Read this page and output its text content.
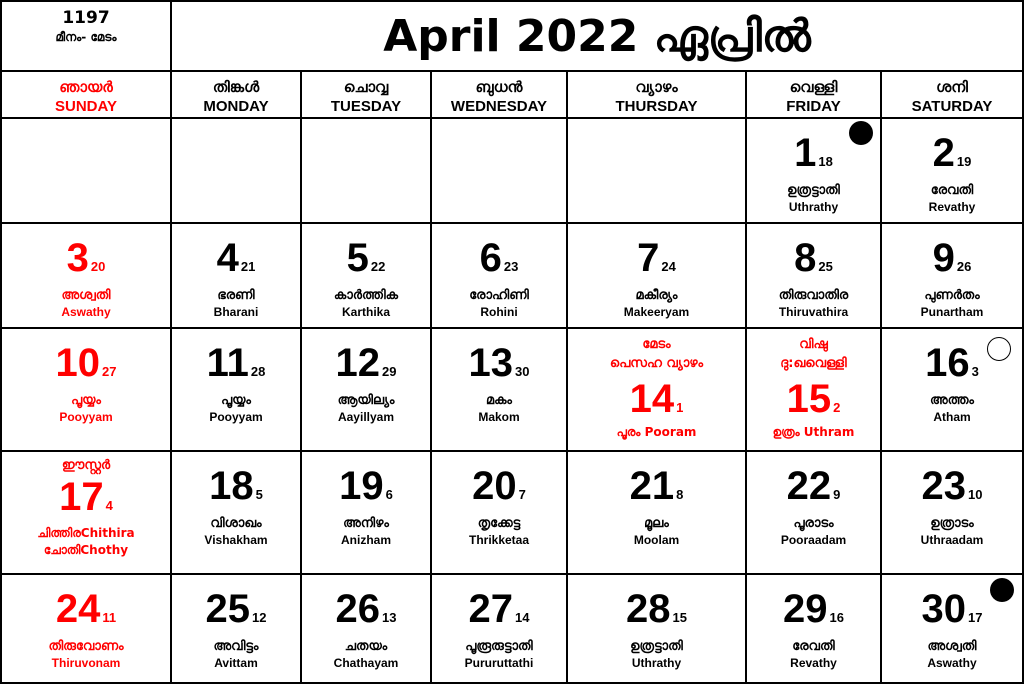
1197
മീനം- മേടം	April 2022 ഏപ്രിൽ
ഞായർ
SUNDAY
തിങ്കൾ
MONDAY
ചൊവ്വ
TUESDAY
ബുധൻ
WEDNESDAY
വ്യാഴം
THURSDAY
വെള്ളി
FRIDAY
ശനി
SATURDAY
1 18
ഉത്രട്ടാതി
Uthrathy
2 19
രേവതി
Revathy
3 20
അശ്വതി
Aswathy
4 21
ഭരണി
Bharani
5 22
കാർത്തിക
Karthika
6 23
രോഹിണി
Rohini
7 24
മകീര്യം
Makeeryam
8 25
തിരുവാതിര
Thiruvathira
9 26
പുണർതം
Punartham
10 27
പൂയ്യം
Pooyyam
11 28
പൂയ്യം
Pooyyam
12 29
ആയില്യം
Aayillyam
13 30
മകം
Makom
മേടം
പെസഹ വ്യാഴം
14 1
പൂരം Pooram
വിഷു
ദു:ഖവെള്ളി
15 2
ഉത്രം Uthram
16 3
അത്തം
Atham
ഈസ്റ്റർ
17 4
ചിത്തിരChithira
ചോതിChothy
18 5
വിശാഖം
Vishakham
19 6
അനിഴം
Anizham
20 7
തൃക്കേട്ട
Thrikketaa
21 8
മൂലം
Moolam
22 9
പൂരാടം
Pooraadam
23 10
ഉത്രാടം
Uthraadam
24 11
തിരുവോണം
Thiruvonam
25 12
അവിട്ടം
Avittam
26 13
ചതയം
Chathayam
27 14
പൂരൂരുട്ടാതി
Pururuttathi
28 15
ഉത്രട്ടാതി
Uthrathy
29 16
രേവതി
Revathy
30 17
അശ്വതി
Aswathy
